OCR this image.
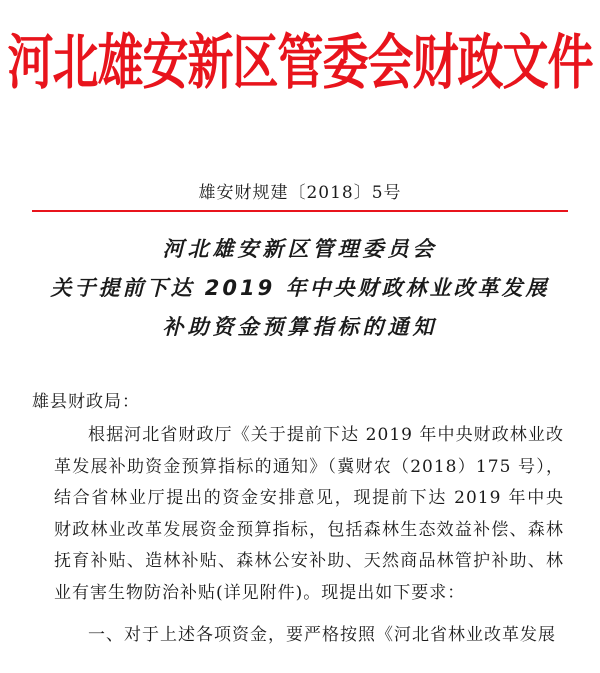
河北雄安新区管委会财政文件
雄安财规建〔2018〕5号
河北雄安新区管理委员会
关于提前下达 2019 年中央财政林业改革发展
补助资金预算指标的通知
雄县财政局：
根据河北省财政厅《关于提前下达 2019 年中央财政林业改革发展补助资金预算指标的通知》（冀财农（2018）175 号），结合省林业厅提出的资金安排意见，现提前下达 2019 年中央财政林业改革发展资金预算指标，包括森林生态效益补偿、森林抚育补贴、造林补贴、森林公安补助、天然商品林管护补助、林业有害生物防治补贴(详见附件)。现提出如下要求：
一、对于上述各项资金，要严格按照《河北省林业改革发展
